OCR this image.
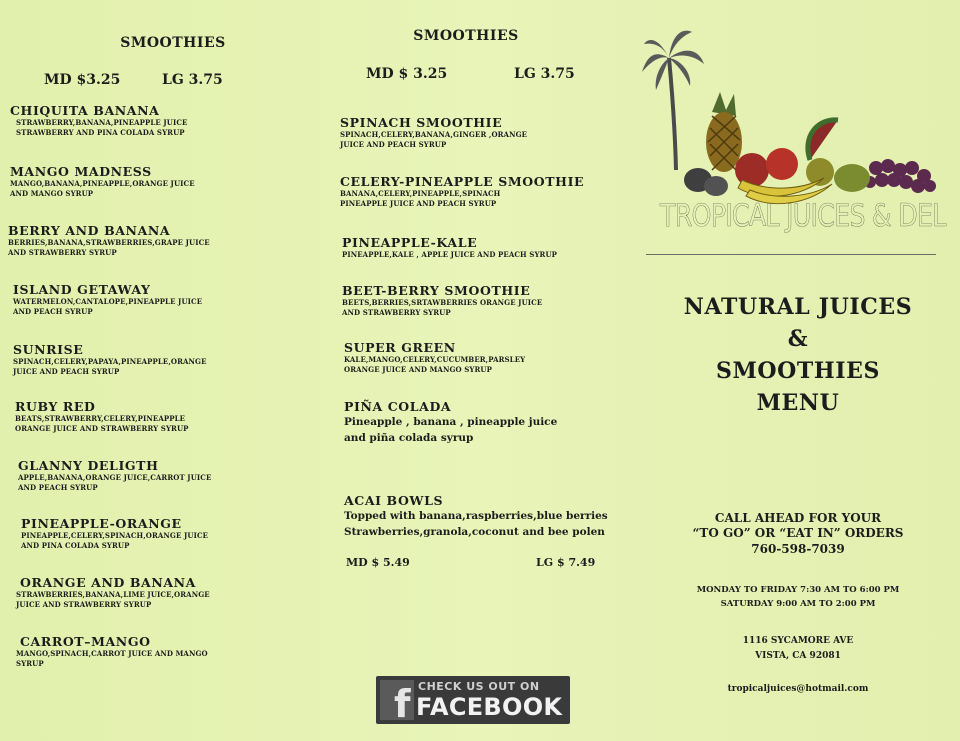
SMOOTHIES
MD $3.25	LG 3.75
CHIQUITA BANANA
STRAWBERRY,BANANA,PINEAPPLE JUICE
STRAWBERRY AND PINA COLADA SYRUP
MANGO MADNESS
MANGO,BANANA,PINEAPPLE,ORANGE JUICE
AND MANGO SYRUP
BERRY AND BANANA
BERRIES,BANANA,STRAWBERRIES,GRAPE JUICE
AND STRAWBERRY SYRUP
ISLAND GETAWAY
WATERMELON,CANTALOPE,PINEAPPLE JUICE
AND PEACH SYRUP
SUNRISE
SPINACH,CELERY,PAPAYA,PINEAPPLE,ORANGE
JUICE AND PEACH SYRUP
RUBY RED
BEATS,STRAWBERRY,CELERY,PINEAPPLE
ORANGE JUICE AND STRAWBERRY SYRUP
GLANNY DELIGTH
APPLE,BANANA,ORANGE JUICE,CARROT JUICE
AND PEACH SYRUP
PINEAPPLE-ORANGE
PINEAPPLE,CELERY,SPINACH,ORANGE JUICE
AND PINA COLADA SYRUP
ORANGE AND BANANA
STRAWBERRIES,BANANA,LIME JUICE,ORANGE
JUICE AND STRAWBERRY SYRUP
CARROT–MANGO
MANGO,SPINACH,CARROT JUICE AND MANGO
SYRUP
SMOOTHIES
MD $ 3.25	LG 3.75
SPINACH SMOOTHIE
SPINACH,CELERY,BANANA,GINGER ,ORANGE
JUICE AND PEACH SYRUP
CELERY-PINEAPPLE SMOOTHIE
BANANA,CELERY,PINEAPPLE,SPINACH
PINEAPPLE JUICE AND PEACH SYRUP
PINEAPPLE-KALE
PINEAPPLE,KALE , APPLE JUICE AND PEACH SYRUP
BEET-BERRY SMOOTHIE
BEETS,BERRIES,SRTAWBERRIES ORANGE JUICE
AND STRAWBERRY SYRUP
SUPER GREEN
KALE,MANGO,CELERY,CUCUMBER,PARSLEY
ORANGE JUICE AND MANGO SYRUP
PIÑA COLADA
Pineapple , banana , pineapple juice
and piña colada syrup
ACAI BOWLS
Topped with banana,raspberries,blue berries
Strawberries,granola,coconut and bee polen
MD $ 5.49	LG $ 7.49
f CHECK US OUT ON
FACEBOOK
TROPICAL JUICES & DEL
NATURAL JUICES
&
SMOOTHIES
MENU
CALL AHEAD FOR YOUR
“TO GO” OR “EAT IN” ORDERS
760-598-7039
MONDAY TO FRIDAY 7:30 AM TO 6:00 PM
SATURDAY 9:00 AM TO 2:00 PM
1116 SYCAMORE AVE
VISTA, CA 92081
tropicaljuices@hotmail.com
